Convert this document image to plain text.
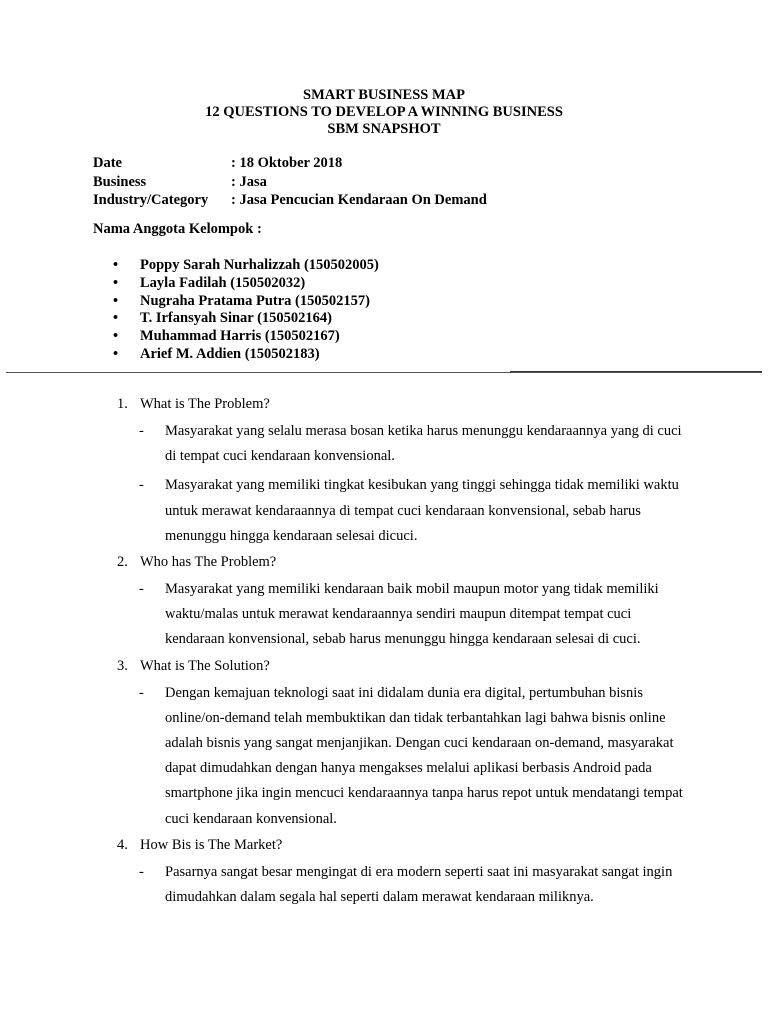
SMART BUSINESS MAP
12 QUESTIONS TO DEVELOP A WINNING BUSINESS
SBM SNAPSHOT
Date	: 18 Oktober 2018
Business	: Jasa
Industry/Category	: Jasa Pencucian Kendaraan On Demand
Nama Anggota Kelompok :
•	Poppy Sarah Nurhalizzah (150502005)
•	Layla Fadilah (150502032)
•	Nugraha Pratama Putra (150502157)
•	T. Irfansyah Sinar (150502164)
•	Muhammad Harris (150502167)
•	Arief M. Addien (150502183)
1. What is The Problem?
-	Masyarakat yang selalu merasa bosan ketika harus menunggu kendaraannya yang di cuci di tempat cuci kendaraan konvensional.
-	Masyarakat yang memiliki tingkat kesibukan yang tinggi sehingga tidak memiliki waktu untuk merawat kendaraannya di tempat cuci kendaraan konvensional, sebab harus menunggu hingga kendaraan selesai dicuci.
2. Who has The Problem?
-	Masyarakat yang memiliki kendaraan baik mobil maupun motor yang tidak memiliki waktu/malas untuk merawat kendaraannya sendiri maupun ditempat tempat cuci kendaraan konvensional, sebab harus menunggu hingga kendaraan selesai di cuci.
3. What is The Solution?
-	Dengan kemajuan teknologi saat ini didalam dunia era digital, pertumbuhan bisnis online/on-demand telah membuktikan dan tidak terbantahkan lagi bahwa bisnis online adalah bisnis yang sangat menjanjikan. Dengan cuci kendaraan on-demand, masyarakat dapat dimudahkan dengan hanya mengakses melalui aplikasi berbasis Android pada smartphone jika ingin mencuci kendaraannya tanpa harus repot untuk mendatangi tempat cuci kendaraan konvensional.
4. How Bis is The Market?
-	Pasarnya sangat besar mengingat di era modern seperti saat ini masyarakat sangat ingin dimudahkan dalam segala hal seperti dalam merawat kendaraan miliknya.
